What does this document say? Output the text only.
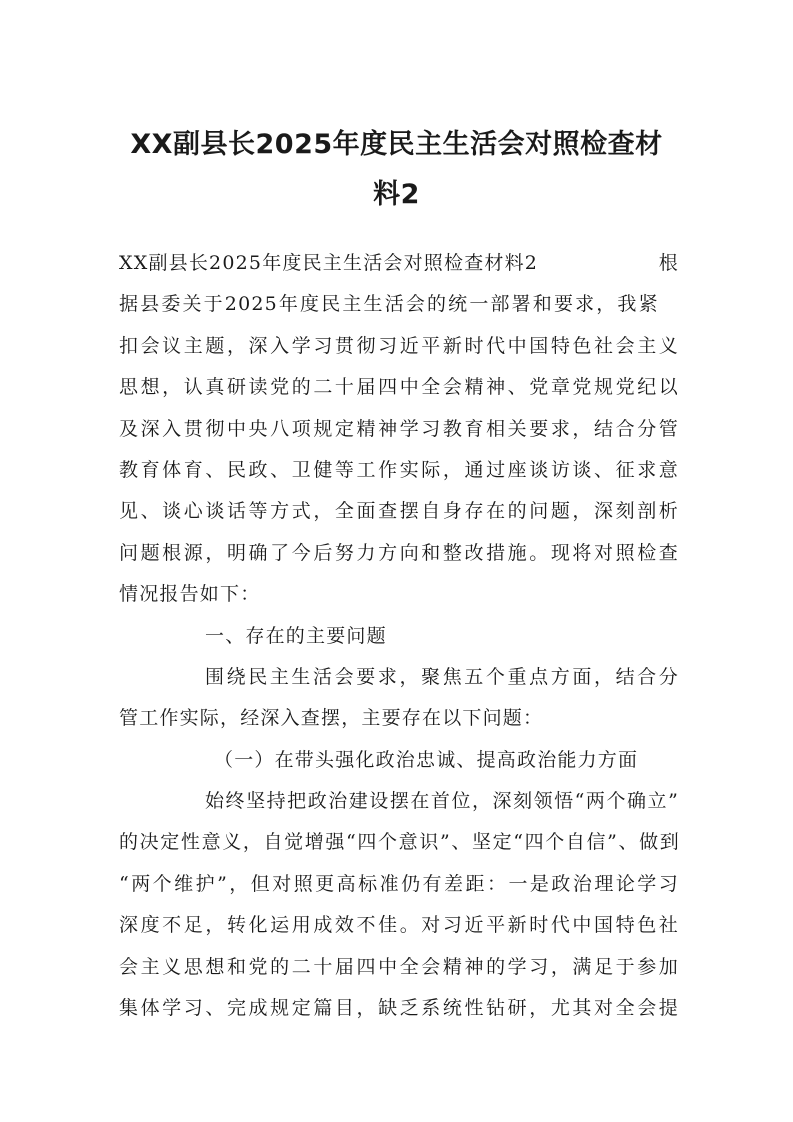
XX副县长2025年度民主生活会对照检查材
料2
XX副县长2025年度民主生活会对照检查材料2	根
据县委关于2025年度民主生活会的统一部署和要求，我紧
扣会议主题，深入学习贯彻习近平新时代中国特色社会主义
思想，认真研读党的二十届四中全会精神、党章党规党纪以
及深入贯彻中央八项规定精神学习教育相关要求，结合分管
教育体育、民政、卫健等工作实际，通过座谈访谈、征求意
见、谈心谈话等方式，全面查摆自身存在的问题，深刻剖析
问题根源，明确了今后努力方向和整改措施。现将对照检查
情况报告如下：
一、存在的主要问题
围绕民主生活会要求，聚焦五个重点方面，结合分
管工作实际，经深入查摆，主要存在以下问题：
（一）在带头强化政治忠诚、提高政治能力方面
始终坚持把政治建设摆在首位，深刻领悟“两个确立”
的决定性意义，自觉增强“四个意识”、坚定“四个自信”、做到
“两个维护”，但对照更高标准仍有差距：一是政治理论学习
深度不足，转化运用成效不佳。对习近平新时代中国特色社
会主义思想和党的二十届四中全会精神的学习，满足于参加
集体学习、完成规定篇目，缺乏系统性钻研，尤其对全会提
